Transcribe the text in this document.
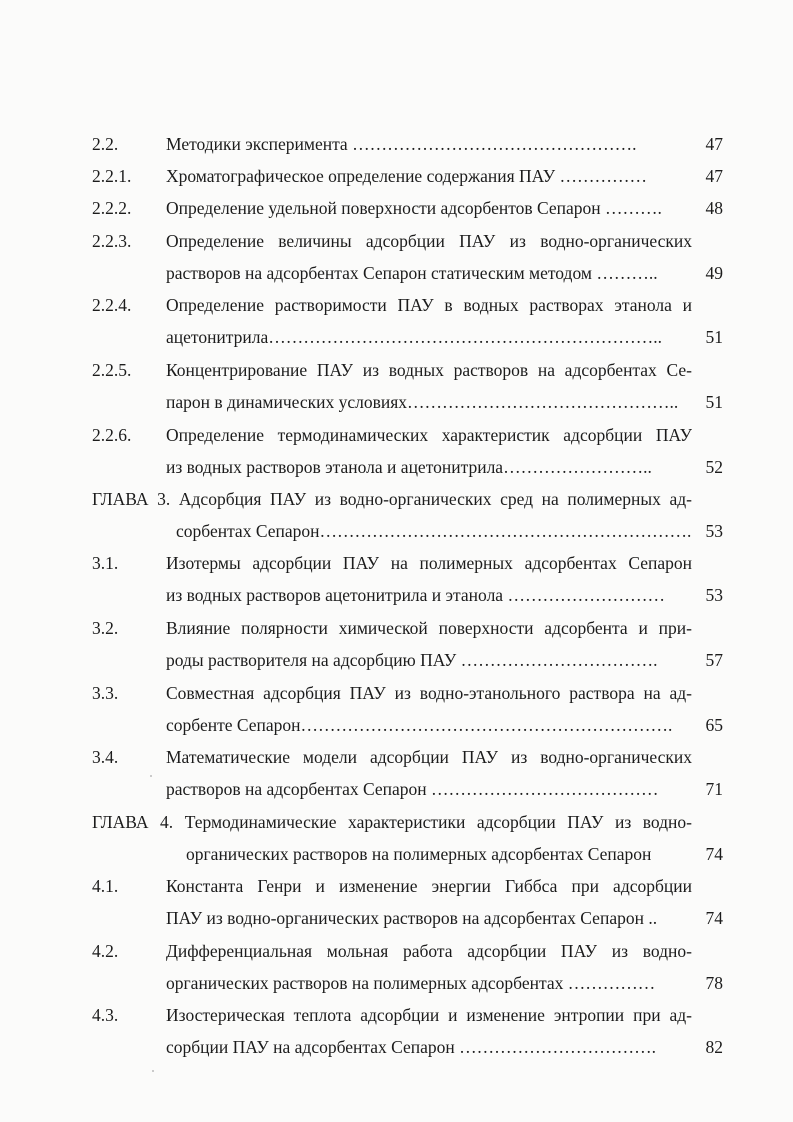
2.2.	Методики эксперимента ………………………………………….	47
2.2.1. Хроматографическое определение содержания ПАУ ……………	47
2.2.2. Определение удельной поверхности адсорбентов Сепарон ……….	48
2.2.3. Определение величины адсорбции ПАУ из водно-органических
растворов на адсорбентах Сепарон статическим методом ………..	49
2.2.4. Определение растворимости ПАУ в водных растворах этанола и
ацетонитрила…………………………………………………………..	51
2.2.5. Концентрирование ПАУ из водных растворов на адсорбентах Се-
парон в динамических условиях………………………………………..	51
2.2.6. Определение термодинамических характеристик адсорбции ПАУ
из водных растворов этанола и ацетонитрила……………………..	52
ГЛАВА 3. Адсорбция ПАУ из водно-органических сред на полимерных ад-
сорбентах Сепарон………………………………………………………. 53
3.1.	Изотермы адсорбции ПАУ на полимерных адсорбентах Сепарон
из водных растворов ацетонитрила и этанола ………………………	53
3.2.	Влияние полярности химической поверхности адсорбента и при-
роды растворителя на адсорбцию ПАУ …………………………….	57
3.3.	Совместная адсорбция ПАУ из водно-этанольного раствора на ад-
сорбенте Сепарон……………………………………………………….	65
3.4.	Математические модели адсорбции ПАУ из водно-органических
растворов на адсорбентах Сепарон …………………………………	71
ГЛАВА 4. Термодинамические характеристики адсорбции ПАУ из водно-
органических растворов на полимерных адсорбентах Сепарон	74
4.1.	Константа Генри и изменение энергии Гиббса при адсорбции
ПАУ из водно-органических растворов на адсорбентах Сепарон ..	74
4.2.	Дифференциальная мольная работа адсорбции ПАУ из водно-
органических растворов на полимерных адсорбентах ……………	78
4.3.	Изостерическая теплота адсорбции и изменение энтропии при ад-
сорбции ПАУ на адсорбентах Сепарон …………………………….	82
